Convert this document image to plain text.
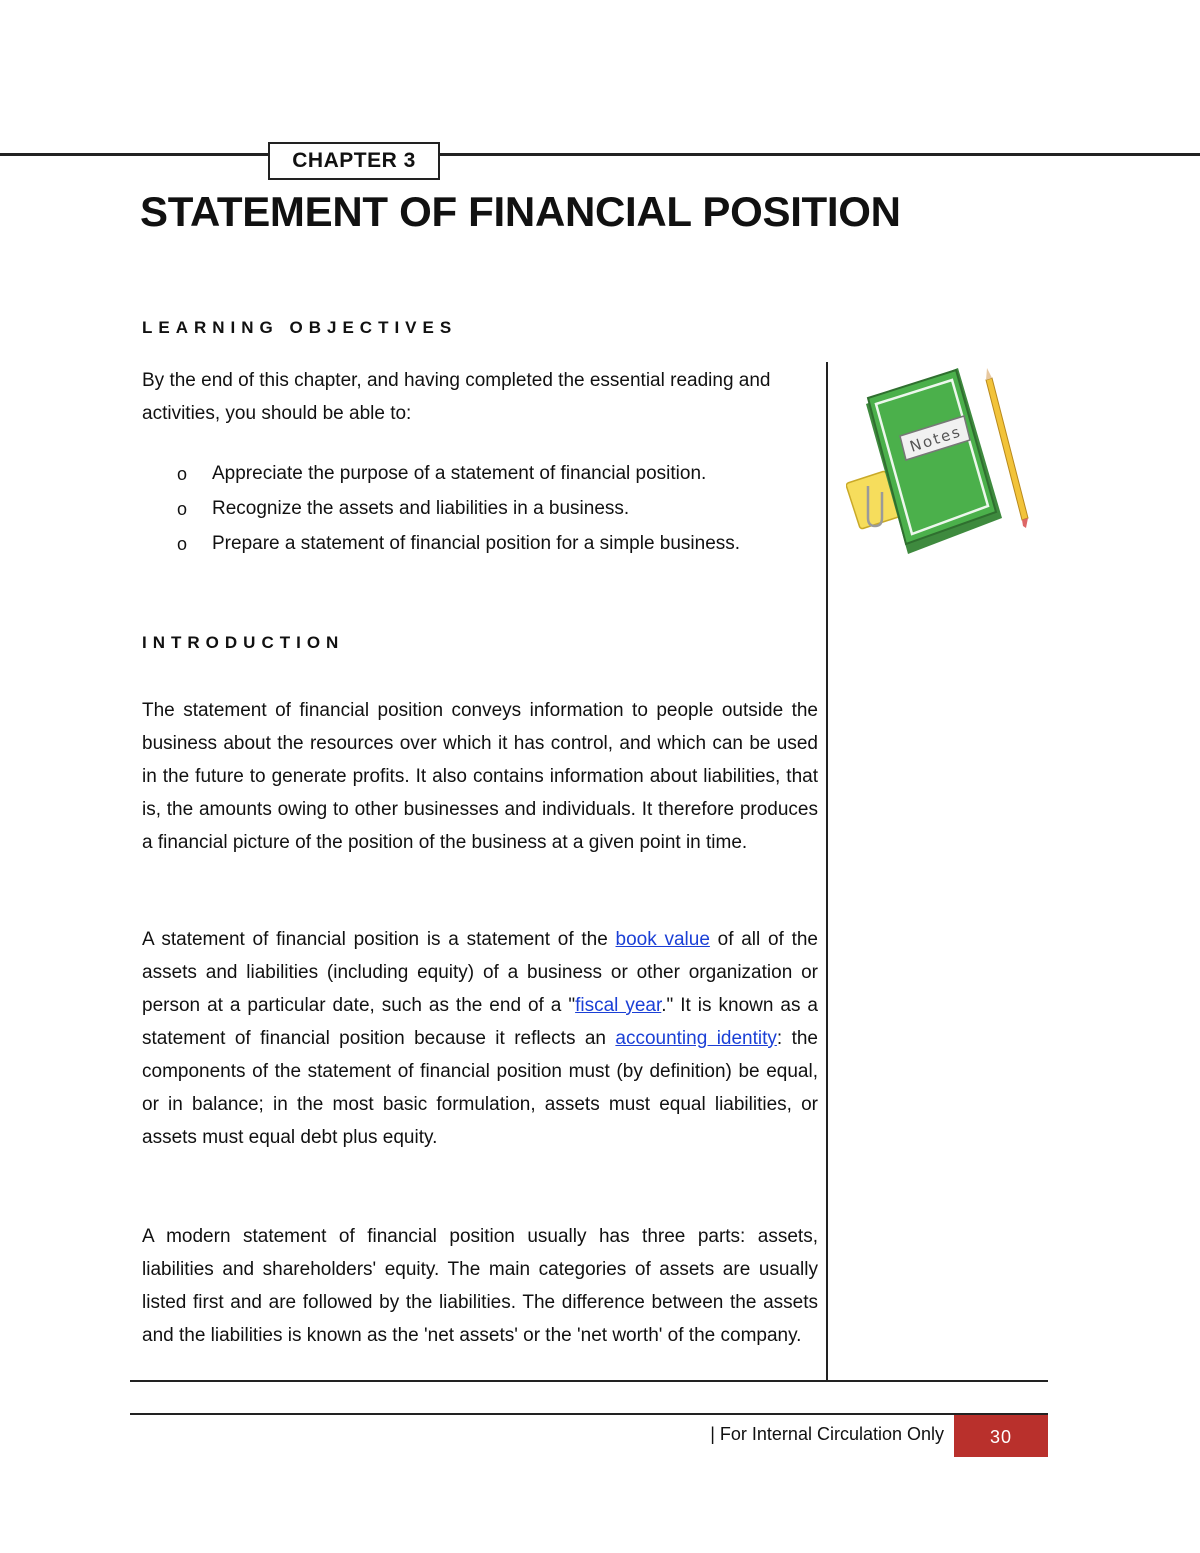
CHAPTER 3
STATEMENT OF FINANCIAL POSITION
LEARNING OBJECTIVES
By the end of this chapter, and having completed the essential reading and activities, you should be able to:
o Appreciate the purpose of a statement of financial position.
o Recognize the assets and liabilities in a business.
o Prepare a statement of financial position for a simple business.
INTRODUCTION
The statement of financial position conveys information to people outside the business about the resources over which it has control, and which can be used in the future to generate profits. It also contains information about liabilities, that is, the amounts owing to other businesses and individuals. It therefore produces a financial picture of the position of the business at a given point in time.
A statement of financial position is a statement of the book value of all of the assets and liabilities (including equity) of a business or other organization or person at a particular date, such as the end of a "fiscal year." It is known as a statement of financial position because it reflects an accounting identity: the components of the statement of financial position must (by definition) be equal, or in balance; in the most basic formulation, assets must equal liabilities, or assets must equal debt plus equity.
A modern statement of financial position usually has three parts: assets, liabilities and shareholders' equity. The main categories of assets are usually listed first and are followed by the liabilities. The difference between the assets and the liabilities is known as the 'net assets' or the 'net worth' of the company.
Notes
| For Internal Circulation Only	30
